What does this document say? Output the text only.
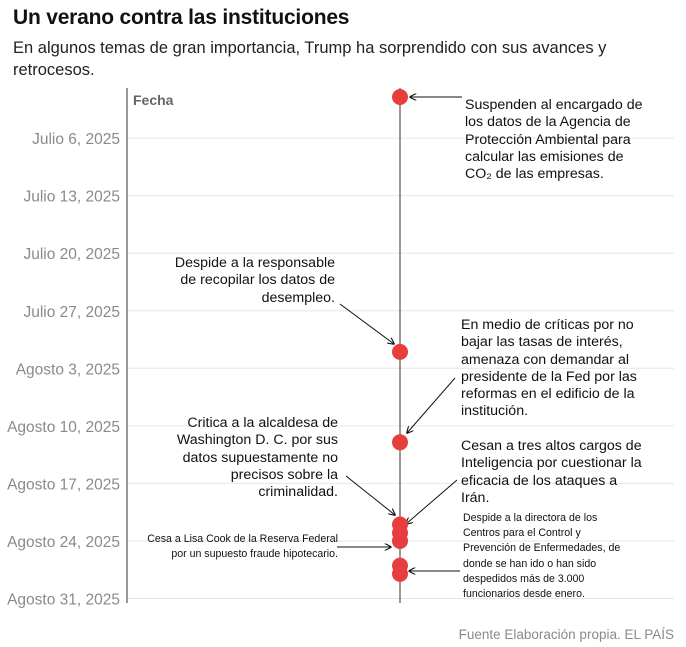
Un verano contra las instituciones
En algunos temas de gran importancia, Trump ha sorprendido con sus avances y retrocesos.
Fecha
Julio 6, 2025
Julio 13, 2025
Julio 20, 2025
Julio 27, 2025
Agosto 3, 2025
Agosto 10, 2025
Agosto 17, 2025
Agosto 24, 2025
Agosto 31, 2025
Suspenden al encargado de los datos de la Agencia de Protección Ambiental para calcular las emisiones de CO₂ de las empresas.
Despide a la responsable de recopilar los datos de desempleo.
En medio de críticas por no bajar las tasas de interés, amenaza con demandar al presidente de la Fed por las reformas en el edificio de la institución.
Critica a la alcaldesa de Washington D. C. por sus datos supuestamente no precisos sobre la criminalidad.
Cesan a tres altos cargos de Inteligencia por cuestionar la eficacia de los ataques a Irán.
Despide a la directora de los Centros para el Control y Prevención de Enfermedades, de donde se han ido o han sido despedidos más de 3.000 funcionarios desde enero.
Cesa a Lisa Cook de la Reserva Federal por un supuesto fraude hipotecario.
Fuente Elaboración propia. EL PAÍS
